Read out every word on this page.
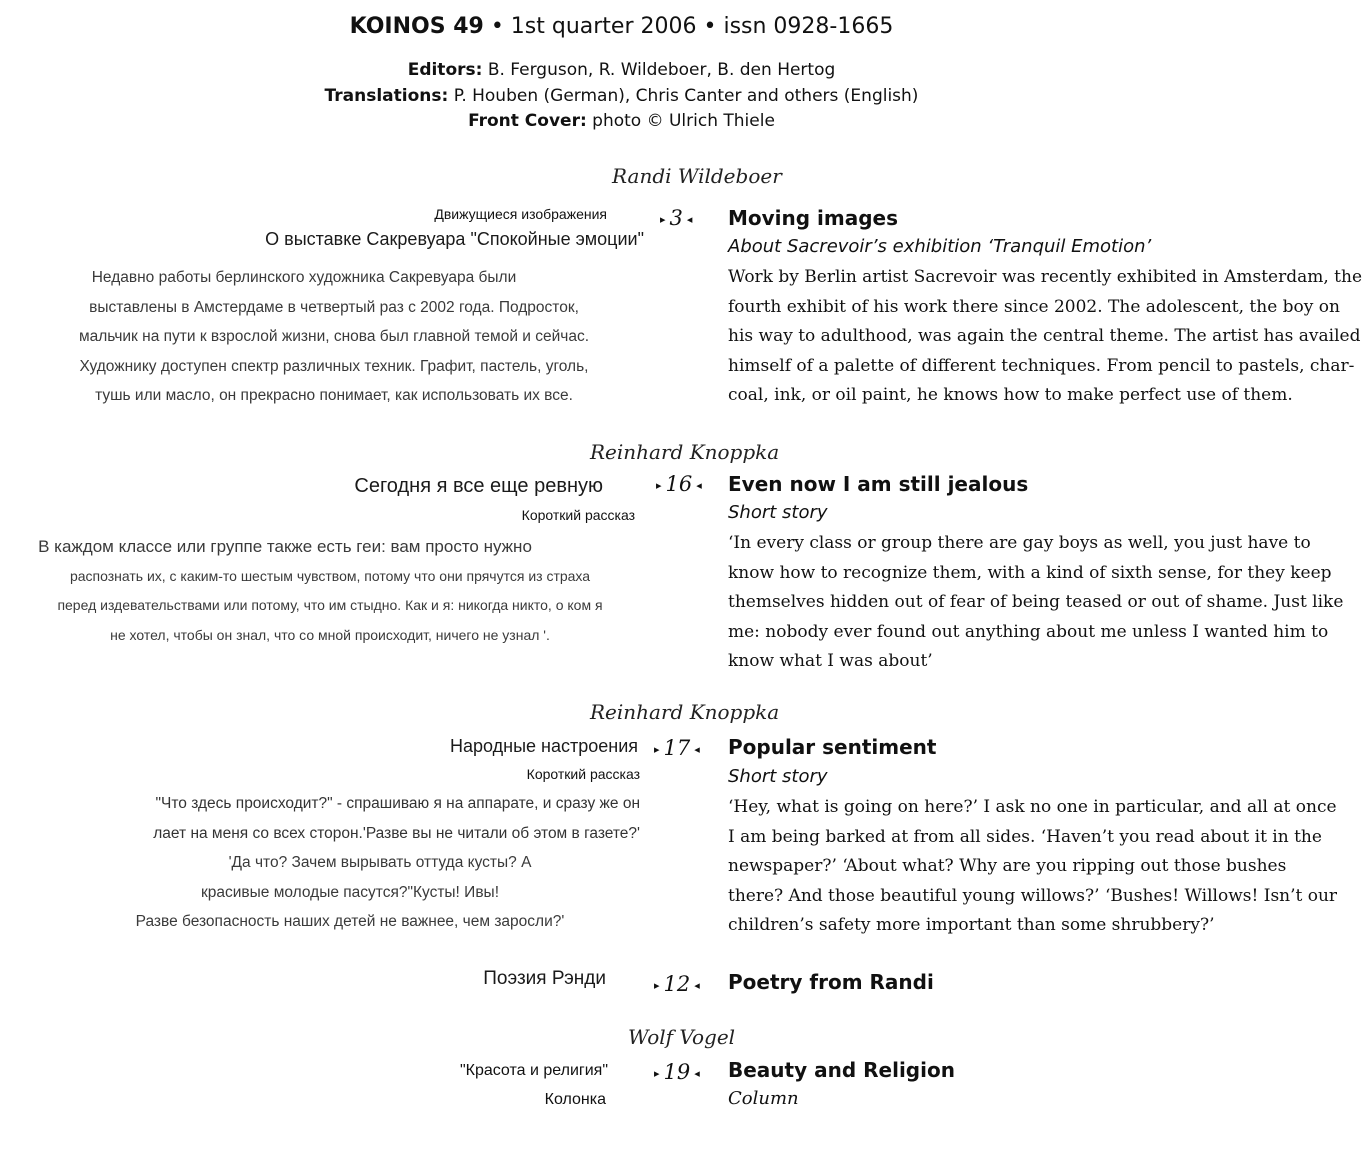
KOINOS 49 • 1st quarter 2006 • issn 0928-1665
Editors: B. Ferguson, R. Wildeboer, B. den Hertog
Translations: P. Houben (German), Chris Canter and others (English)
Front Cover: photo © Ulrich Thiele
Randi Wildeboer
Движущиеся изображения
О выставке Сакревуара "Спокойные эмоции"
▸ 3 ◂ Moving images
About Sacrevoir’s exhibition ‘Tranquil Emotion’
Work by Berlin artist Sacrevoir was recently exhibited in Amsterdam, the
fourth exhibit of his work there since 2002. The adolescent, the boy on
his way to adulthood, was again the central theme. The artist has availed
himself of a palette of different techniques. From pencil to pastels, char-
coal, ink, or oil paint, he knows how to make perfect use of them.
Недавно работы берлинского художника Сакревуара были
выставлены в Амстердаме в четвертый раз с 2002 года. Подросток,
мальчик на пути к взрослой жизни, снова был главной темой и сейчас.
Художнику доступен спектр различных техник. Графит, пастель, уголь,
тушь или масло, он прекрасно понимает, как использовать их все.
Reinhard Knoppka
Сегодня я все еще ревную
Короткий рассказ
▸ 16 ◂ Even now I am still jealous
Short story
‘In every class or group there are gay boys as well, you just have to
know how to recognize them, with a kind of sixth sense, for they keep
themselves hidden out of fear of being teased or out of shame. Just like
me: nobody ever found out anything about me unless I wanted him to
know what I was about’
В каждом классе или группе также есть геи: вам просто нужно
распознать их, с каким-то шестым чувством, потому что они прячутся из страха
перед издевательствами или потому, что им стыдно. Как и я: никогда никто, о ком я
не хотел, чтобы он знал, что со мной происходит, ничего не узнал '.
Reinhard Knoppka
Народные настроения
Короткий рассказ
▸ 17 ◂ Popular sentiment
Short story
‘Hey, what is going on here?’ I ask no one in particular, and all at once
I am being barked at from all sides. ‘Haven’t you read about it in the
newspaper?’ ‘About what? Why are you ripping out those bushes
there? And those beautiful young willows?’ ‘Bushes! Willows! Isn’t our
children’s safety more important than some shrubbery?’
"Что здесь происходит?" - спрашиваю я на аппарате, и сразу же он
лает на меня со всех сторон.'Разве вы не читали об этом в газете?'
'Да что? Зачем вырывать оттуда кусты? А
красивые молодые пасутся?"Кусты! Ивы!
Разве безопасность наших детей не важнее, чем заросли?'
Поэзия Рэнди	▸ 12 ◂ Poetry from Randi
Wolf Vogel
"Красота и религия"
Колонка
▸ 19 ◂ Beauty and Religion
Column
